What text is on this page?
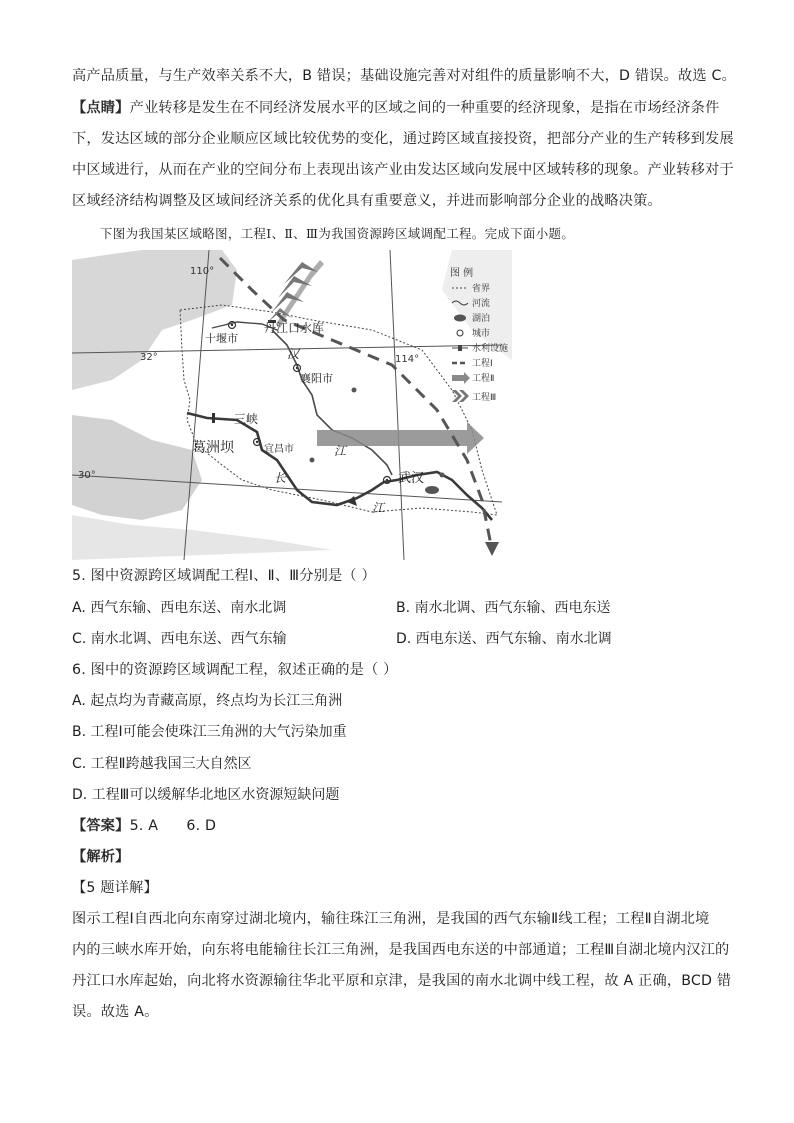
高产品质量，与生产效率关系不大，B 错误；基础设施完善对对组件的质量影响不大，D 错误。故选 C。
【点睛】产业转移是发生在不同经济发展水平的区域之间的一种重要的经济现象，是指在市场经济条件
下，发达区域的部分企业顺应区域比较优势的变化，通过跨区域直接投资，把部分产业的生产转移到发展
中区域进行，从而在产业的空间分布上表现出该产业由发达区域向发展中区域转移的现象。产业转移对于
区域经济结构调整及区域间经济关系的优化具有重要意义，并进而影响部分企业的战略决策。
下图为我国某区域略图，工程Ⅰ、Ⅱ、Ⅲ为我国资源跨区域调配工程。完成下面小题。
110°
114°
32°
30°
丹江口水库
十堰市
襄阳市
三峡
葛洲坝	宜昌市
武汉
汉
江
长
江
图 例
省界
河流
湖泊
城市
水利设施
工程Ⅰ
工程Ⅱ
工程Ⅲ
5. 图中资源跨区域调配工程Ⅰ、Ⅱ、Ⅲ分别是（ ）
A. 西气东输、西电东送、南水北调	B. 南水北调、西气东输、西电东送
C. 南水北调、西电东送、西气东输	D. 西电东送、西气东输、南水北调
6. 图中的资源跨区域调配工程，叙述正确的是（ ）
A. 起点均为青藏高原，终点均为长江三角洲
B. 工程Ⅰ可能会使珠江三角洲的大气污染加重
C. 工程Ⅱ跨越我国三大自然区
D. 工程Ⅲ可以缓解华北地区水资源短缺问题
【答案】5. A      6. D
【解析】
【5 题详解】
图示工程Ⅰ自西北向东南穿过湖北境内，输往珠江三角洲，是我国的西气东输Ⅱ线工程；工程Ⅱ自湖北境
内的三峡水库开始，向东将电能输往长江三角洲，是我国西电东送的中部通道；工程Ⅲ自湖北境内汉江的
丹江口水库起始，向北将水资源输往华北平原和京津，是我国的南水北调中线工程，故 A 正确，BCD 错
误。故选 A。
